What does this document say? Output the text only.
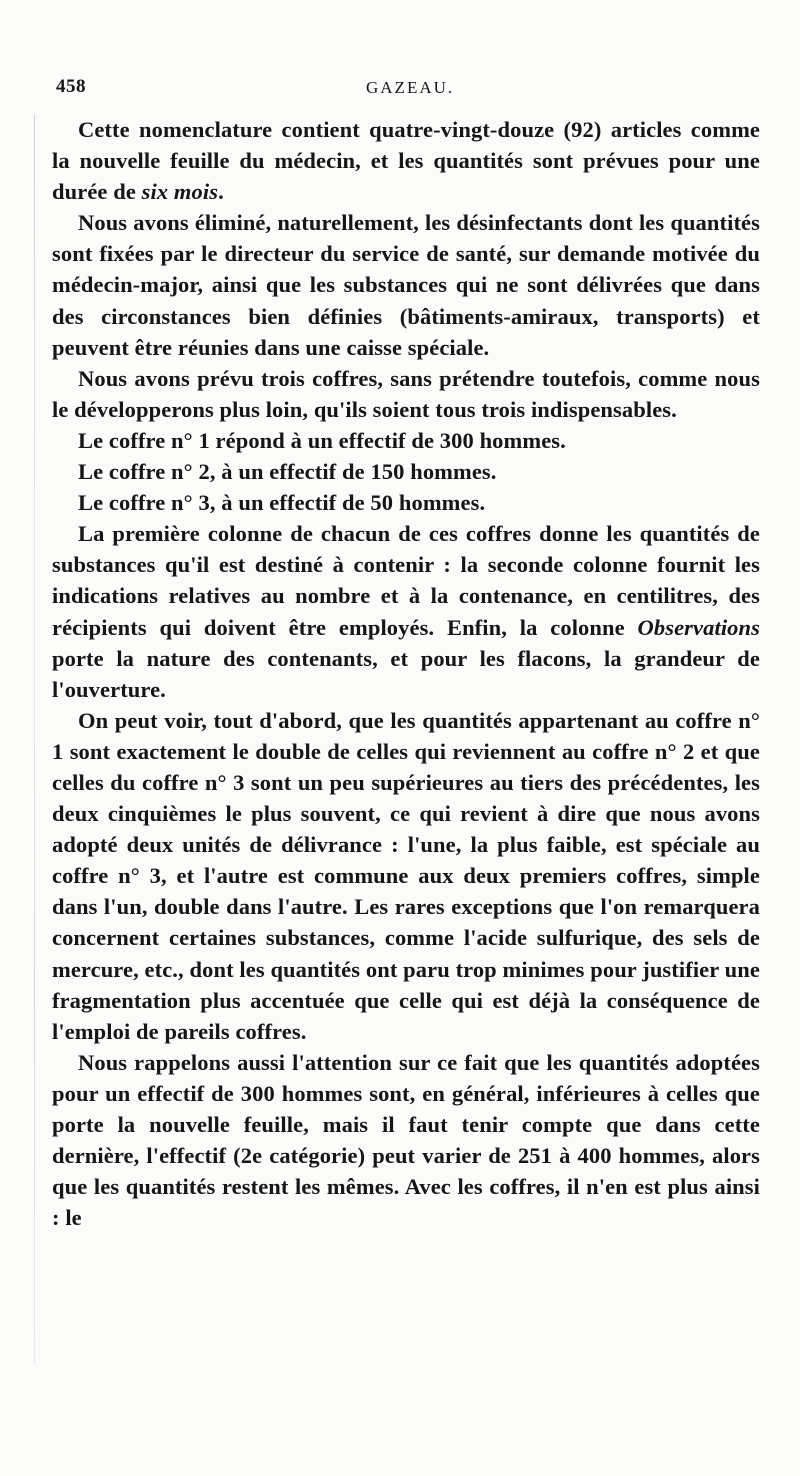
458	GAZEAU.

Cette nomenclature contient quatre-vingt-douze (92) articles comme la nouvelle feuille du médecin, et les quantités sont prévues pour une durée de six mois.

Nous avons éliminé, naturellement, les désinfectants dont les quantités sont fixées par le directeur du service de santé, sur demande motivée du médecin-major, ainsi que les substances qui ne sont délivrées que dans des circonstances bien définies (bâtiments-amiraux, transports) et peuvent être réunies dans une caisse spéciale.

Nous avons prévu trois coffres, sans prétendre toutefois, comme nous le développerons plus loin, qu'ils soient tous trois indispensables.

Le coffre n° 1 répond à un effectif de 300 hommes.

Le coffre n° 2, à un effectif de 150 hommes.

Le coffre n° 3, à un effectif de 50 hommes.

La première colonne de chacun de ces coffres donne les quantités de substances qu'il est destiné à contenir : la seconde colonne fournit les indications relatives au nombre et à la contenance, en centilitres, des récipients qui doivent être employés. Enfin, la colonne Observations porte la nature des contenants, et pour les flacons, la grandeur de l'ouverture.

On peut voir, tout d'abord, que les quantités appartenant au coffre n° 1 sont exactement le double de celles qui reviennent au coffre n° 2 et que celles du coffre n° 3 sont un peu supérieures au tiers des précédentes, les deux cinquièmes le plus souvent, ce qui revient à dire que nous avons adopté deux unités de délivrance : l'une, la plus faible, est spéciale au coffre n° 3, et l'autre est commune aux deux premiers coffres, simple dans l'un, double dans l'autre. Les rares exceptions que l'on remarquera concernent certaines substances, comme l'acide sulfurique, des sels de mercure, etc., dont les quantités ont paru trop minimes pour justifier une fragmentation plus accentuée que celle qui est déjà la conséquence de l'emploi de pareils coffres.

Nous rappelons aussi l'attention sur ce fait que les quantités adoptées pour un effectif de 300 hommes sont, en général, inférieures à celles que porte la nouvelle feuille, mais il faut tenir compte que dans cette dernière, l'effectif (2e catégorie) peut varier de 251 à 400 hommes, alors que les quantités restent les mêmes. Avec les coffres, il n'en est plus ainsi : le
